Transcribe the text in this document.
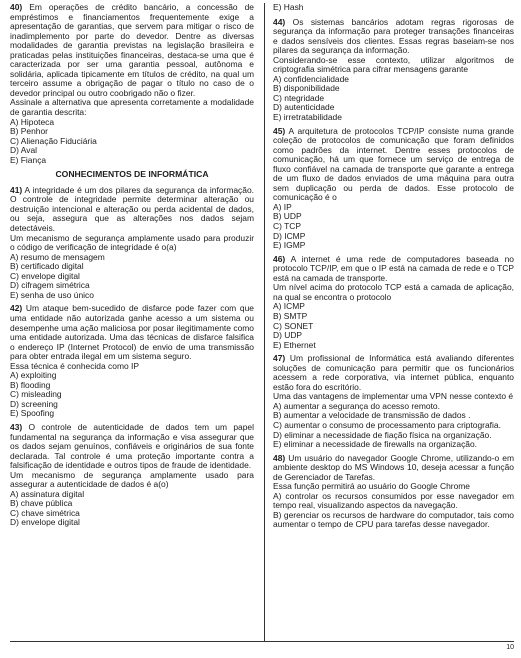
40) Em operações de crédito bancário, a concessão de empréstimos e financiamentos frequentemente exige a apresentação de garantias, que servem para mitigar o risco de inadimplemento por parte do devedor. Dentre as diversas modalidades de garantia previstas na legislação brasileira e praticadas pelas instituições financeiras, destaca-se uma que é caracterizada por ser uma garantia pessoal, autônoma e solidária, aplicada tipicamente em títulos de crédito, na qual um terceiro assume a obrigação de pagar o título no caso de o devedor principal ou outro coobrigado não o fizer.
Assinale a alternativa que apresenta corretamente a modalidade de garantia descrita:
A) Hipoteca
B) Penhor
C) Alienação Fiduciária
D) Aval
E) Fiança
CONHECIMENTOS DE INFORMÁTICA
41) A integridade é um dos pilares da segurança da informação. O controle de integridade permite determinar alteração ou destruição intencional e alteração ou perda acidental de dados, ou seja, assegura que as alterações nos dados sejam detectáveis.
Um mecanismo de segurança amplamente usado para produzir o código de verificação de integridade é o(a)
A) resumo de mensagem
B) certificado digital
C) envelope digital
D) cifragem simétrica
E) senha de uso único
42) Um ataque bem-sucedido de disfarce pode fazer com que uma entidade não autorizada ganhe acesso a um sistema ou desempenhe uma ação maliciosa por posar ilegitimamente como uma entidade autorizada. Uma das técnicas de disfarce falsifica o endereço IP (Internet Protocol) de envio de uma transmissão para obter entrada ilegal em um sistema seguro.
Essa técnica é conhecida como IP
A) exploiting
B) flooding
C) misleading
D) screening
E) Spoofing
43) O controle de autenticidade de dados tem um papel fundamental na segurança da informação e visa assegurar que os dados sejam genuínos, confiáveis e originários de sua fonte declarada. Tal controle é uma proteção importante contra a falsificação de identidade e outros tipos de fraude de identidade.
Um mecanismo de segurança amplamente usado para assegurar a autenticidade de dados é a(o)
A) assinatura digital
B) chave pública
C) chave simétrica
D) envelope digital
E) Hash
44) Os sistemas bancários adotam regras rigorosas de segurança da informação para proteger transações financeiras e dados sensíveis dos clientes. Essas regras baseiam-se nos pilares da segurança da informação.
Considerando-se esse contexto, utilizar algoritmos de criptografia simétrica para cifrar mensagens garante
A) confidencialidade
B) disponibilidade
C) ntegridade
D) autenticidade
E) irretratabilidade
45) A arquitetura de protocolos TCP/IP consiste numa grande coleção de protocolos de comunicação que foram definidos como padrões da internet. Dentre esses protocolos de comunicação, há um que fornece um serviço de entrega de fluxo confiável na camada de transporte que garante a entrega de um fluxo de dados enviados de uma máquina para outra sem duplicação ou perda de dados. Esse protocolo de comunicação é o
A) IP
B) UDP
C) TCP
D) ICMP
E) IGMP
46) A internet é uma rede de computadores baseada no protocolo TCP/IP, em que o IP está na camada de rede e o TCP está na camada de transporte.
Um nível acima do protocolo TCP está a camada de aplicação, na qual se encontra o protocolo
A) ICMP
B) SMTP
C) SONET
D) UDP
E) Ethernet
47) Um profissional de Informática está avaliando diferentes soluções de comunicação para permitir que os funcionários acessem a rede corporativa, via internet pública, enquanto estão fora do escritório.
Uma das vantagens de implementar uma VPN nesse contexto é
A) aumentar a segurança do acesso remoto.
B) aumentar a velocidade de transmissão de dados .
C) aumentar o consumo de processamento para criptografia.
D) eliminar a necessidade de fiação física na organização.
E) eliminar a necessidade de firewalls na organização.
48) Um usuário do navegador Google Chrome, utilizando-o em ambiente desktop do MS Windows 10, deseja acessar a função de Gerenciador de Tarefas.
Essa função permitirá ao usuário do Google Chrome
A) controlar os recursos consumidos por esse navegador em tempo real, visualizando aspectos da navegação.
B) gerenciar os recursos de hardware do computador, tais como aumentar o tempo de CPU para tarefas desse navegador.
10
